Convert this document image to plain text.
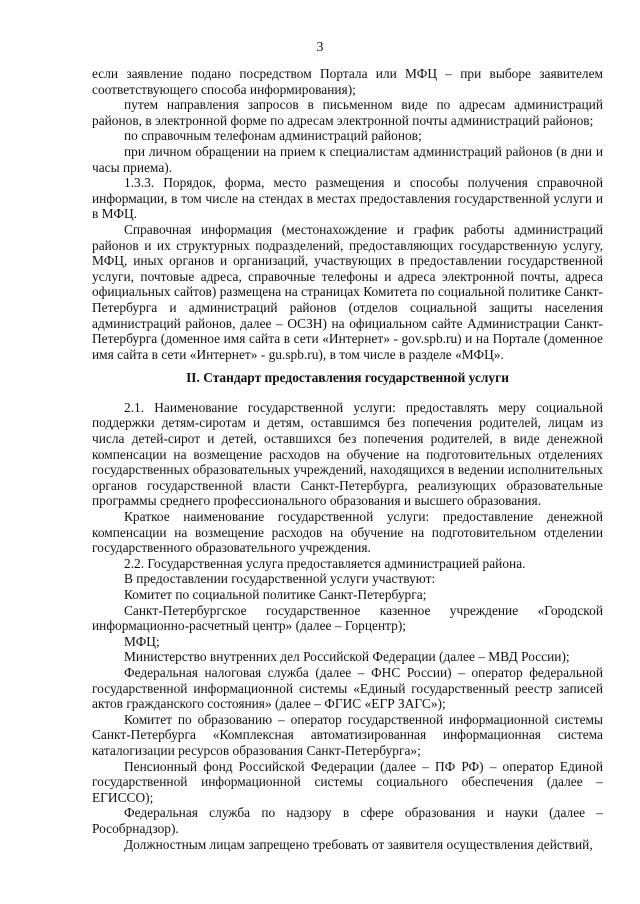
3

если заявление подано посредством Портала или МФЦ – при выборе заявителем соответствующего способа информирования);

путем направления запросов в письменном виде по адресам администраций районов, в электронной форме по адресам электронной почты администраций районов;

по справочным телефонам администраций районов;

при личном обращении на прием к специалистам администраций районов (в дни и часы приема).

1.3.3. Порядок, форма, место размещения и способы получения справочной информации, в том числе на стендах в местах предоставления государственной услуги и в МФЦ.

Справочная информация (местонахождение и график работы администраций районов и их структурных подразделений, предоставляющих государственную услугу, МФЦ, иных органов и организаций, участвующих в предоставлении государственной услуги, почтовые адреса, справочные телефоны и адреса электронной почты, адреса официальных сайтов) размещена на страницах Комитета по социальной политике Санкт-Петербурга и администраций районов (отделов социальной защиты населения администраций районов, далее – ОСЗН) на официальном сайте Администрации Санкт-Петербурга (доменное имя сайта в сети «Интернет» - gov.spb.ru) и на Портале (доменное имя сайта в сети «Интернет» - gu.spb.ru), в том числе в разделе «МФЦ».

II. Стандарт предоставления государственной услуги

2.1. Наименование государственной услуги: предоставлять меру социальной поддержки детям-сиротам и детям, оставшимся без попечения родителей, лицам из числа детей-сирот и детей, оставшихся без попечения родителей, в виде денежной компенсации на возмещение расходов на обучение на подготовительных отделениях государственных образовательных учреждений, находящихся в ведении исполнительных органов государственной власти Санкт-Петербурга, реализующих образовательные программы среднего профессионального образования и высшего образования.

Краткое наименование государственной услуги: предоставление денежной компенсации на возмещение расходов на обучение на подготовительном отделении государственного образовательного учреждения.

2.2. Государственная услуга предоставляется администрацией района.

В предоставлении государственной услуги участвуют:

Комитет по социальной политике Санкт-Петербурга;

Санкт-Петербургское государственное казенное учреждение «Городской информационно-расчетный центр» (далее – Горцентр);

МФЦ;

Министерство внутренних дел Российской Федерации (далее – МВД России);

Федеральная налоговая служба (далее – ФНС России) – оператор федеральной государственной информационной системы «Единый государственный реестр записей актов гражданского состояния» (далее – ФГИС «ЕГР ЗАГС»);

Комитет по образованию – оператор государственной информационной системы Санкт-Петербурга «Комплексная автоматизированная информационная система каталогизации ресурсов образования Санкт-Петербурга»;

Пенсионный фонд Российской Федерации (далее – ПФ РФ) – оператор Единой государственной информационной системы социального обеспечения (далее – ЕГИССО);

Федеральная служба по надзору в сфере образования и науки (далее – Рособрнадзор).

Должностным лицам запрещено требовать от заявителя осуществления действий,
